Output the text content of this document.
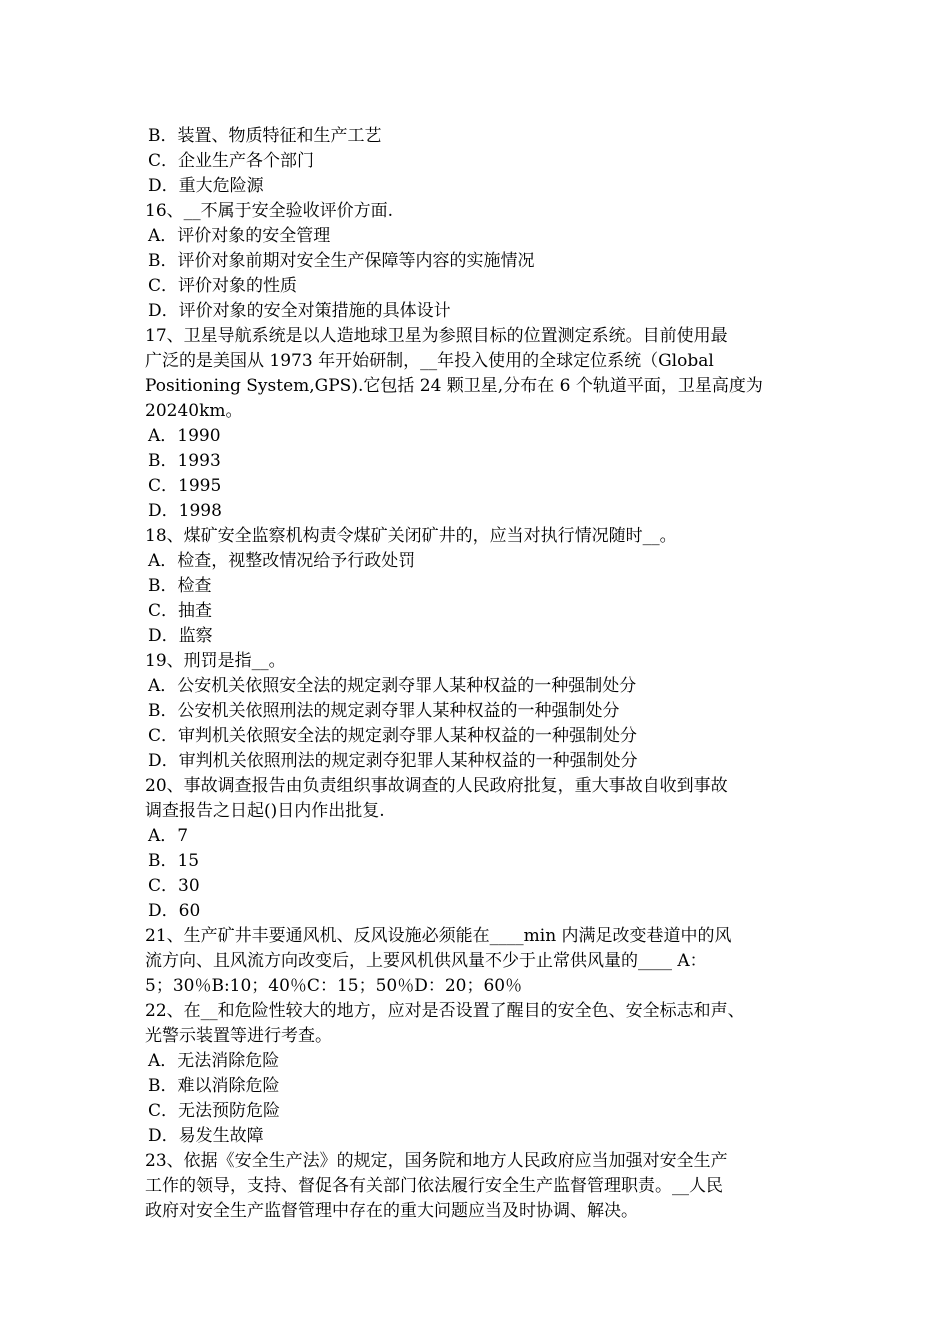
B．装置、物质特征和生产工艺
C．企业生产各个部门
D．重大危险源
16、__不属于安全验收评价方面.
A．评价对象的安全管理
B．评价对象前期对安全生产保障等内容的实施情况
C．评价对象的性质
D．评价对象的安全对策措施的具体设计
17、卫星导航系统是以人造地球卫星为参照目标的位置测定系统。目前使用最
广泛的是美国从 1973 年开始研制，__年投入使用的全球定位系统（Global
Positioning System,GPS).它包括 24 颗卫星,分布在 6 个轨道平面，卫星高度为
20240km。
A．1990
B．1993
C．1995
D．1998
18、煤矿安全监察机构责令煤矿关闭矿井的，应当对执行情况随时__。
A．检查，视整改情况给予行政处罚
B．检查
C．抽查
D．监察
19、刑罚是指__。
A．公安机关依照安全法的规定剥夺罪人某种权益的一种强制处分
B．公安机关依照刑法的规定剥夺罪人某种权益的一种强制处分
C．审判机关依照安全法的规定剥夺罪人某种权益的一种强制处分
D．审判机关依照刑法的规定剥夺犯罪人某种权益的一种强制处分
20、事故调查报告由负责组织事故调查的人民政府批复，重大事故自收到事故
调查报告之日起()日内作出批复.
A．7
B．15
C．30
D．60
21、生产矿井丰要通风机、反风设施必须能在____min 内满足改变巷道中的风
流方向、且风流方向改变后，上要风机供风量不少于止常供风量的____ A：
5；30％B:10；40％C：15；50％D：20；60％
22、在__和危险性较大的地方，应对是否设置了醒目的安全色、安全标志和声、
光警示装置等进行考查。
A．无法消除危险
B．难以消除危险
C．无法预防危险
D．易发生故障
23、依据《安全生产法》的规定，国务院和地方人民政府应当加强对安全生产
工作的领导，支持、督促各有关部门依法履行安全生产监督管理职责。__人民
政府对安全生产监督管理中存在的重大问题应当及时协调、解决。
